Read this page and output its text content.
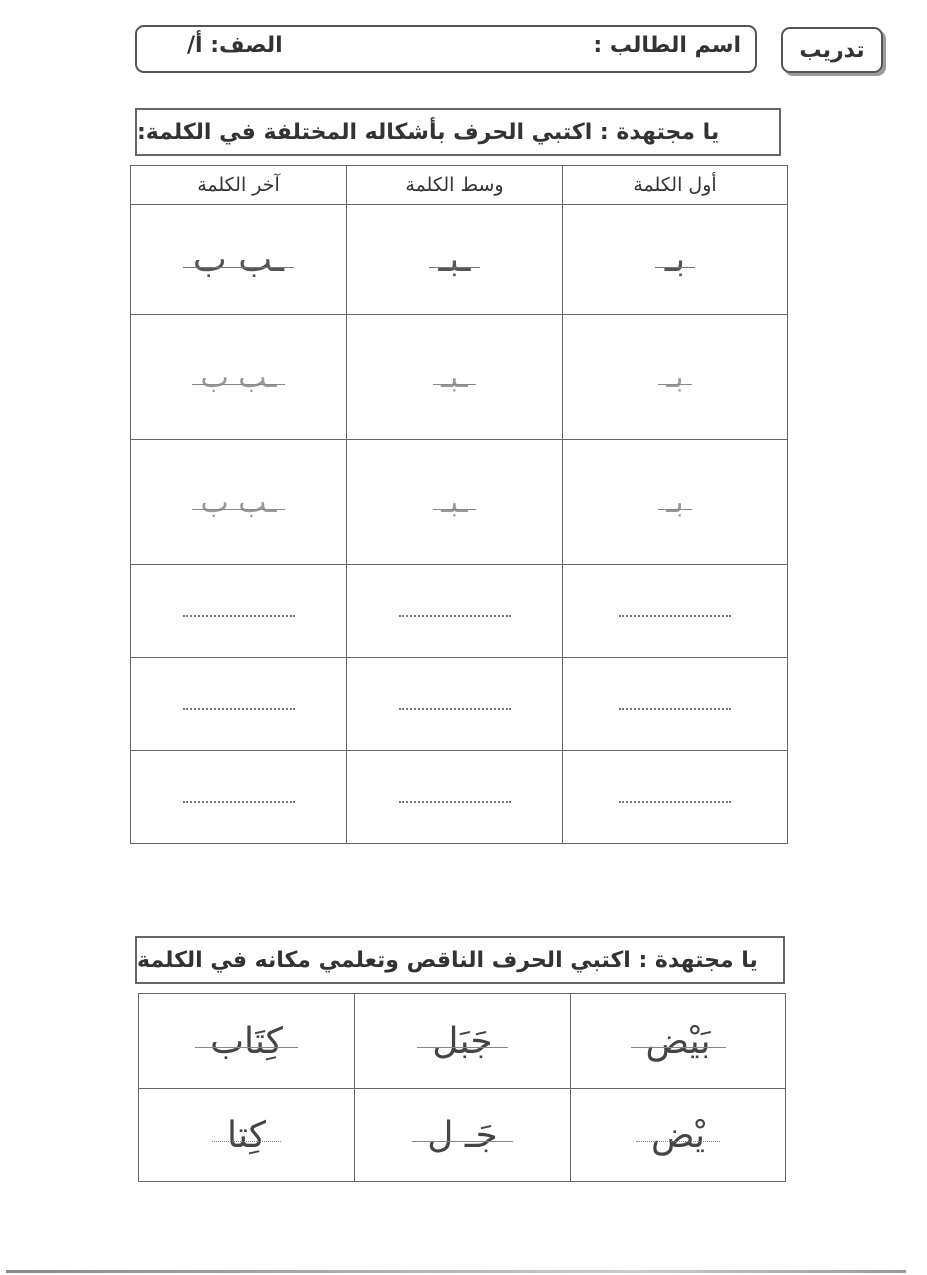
تدريب
اسم الطالب :
الصف: أ/
يا مجتهدة : اكتبي الحرف بأشكاله المختلفة في الكلمة:
أول الكلمة	وسط الكلمة	آخر الكلمة
بـ	ـبـ	ـب ب

بـ	ـبـ	ـب ب

بـ	ـبـ	ـب ب

يا مجتهدة : اكتبي الحرف الناقص وتعلمي مكانه في الكلمة
بَيْض	جَبَل	كِتَاب

يْض	جَـ ل	كِتا
